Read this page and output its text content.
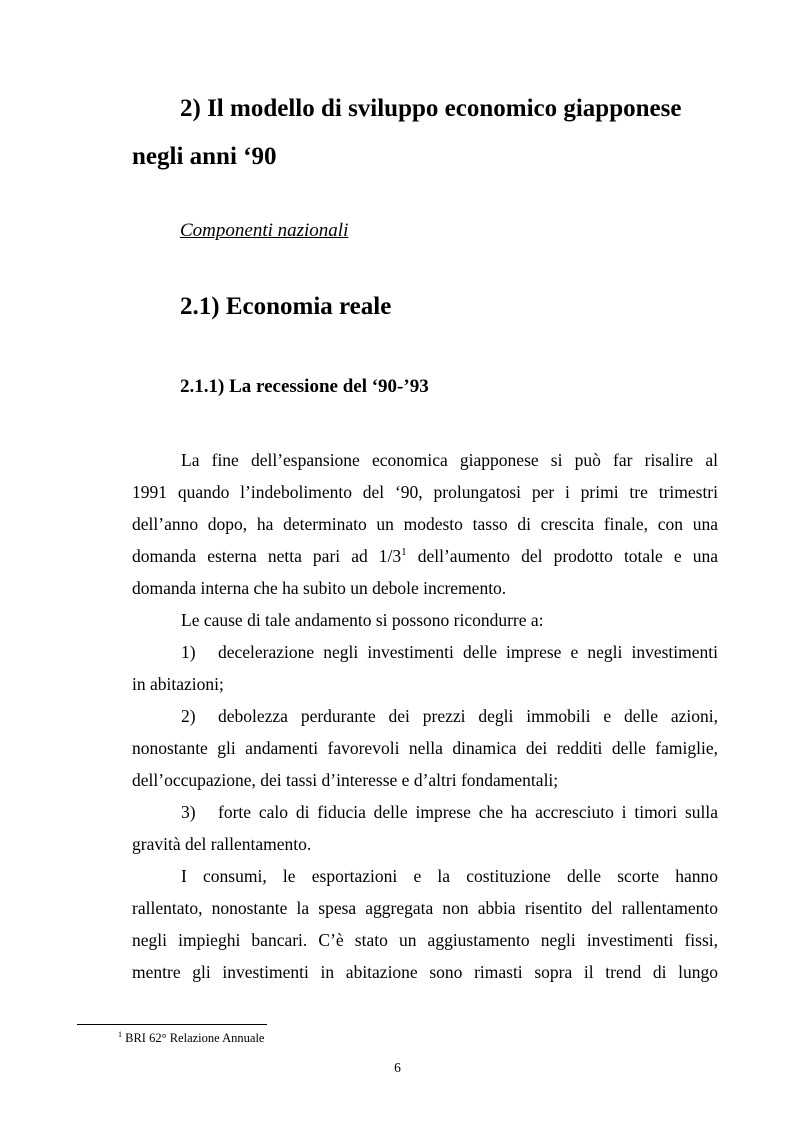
2) Il modello di sviluppo economico giapponese
negli anni ‘90
Componenti nazionali
2.1) Economia reale
2.1.1) La recessione del ‘90-’93
La fine dell’espansione economica giapponese si può far risalire al
1991 quando l’indebolimento del ‘90, prolungatosi per i primi tre trimestri
dell’anno dopo, ha determinato un modesto tasso di crescita finale, con una
domanda esterna netta pari ad $1/3^1$ dell’aumento del prodotto totale e una
domanda interna che ha subito un debole incremento.
Le cause di tale andamento si possono ricondurre a:
1) decelerazione negli investimenti delle imprese e negli investimenti
in abitazioni;
2) debolezza perdurante dei prezzi degli immobili e delle azioni,
nonostante gli andamenti favorevoli nella dinamica dei redditi delle famiglie,
dell’occupazione, dei tassi d’interesse e d’altri fondamentali;
3) forte calo di fiducia delle imprese che ha accresciuto i timori sulla
gravità del rallentamento.
I consumi, le esportazioni e la costituzione delle scorte hanno
rallentato, nonostante la spesa aggregata non abbia risentito del rallentamento
negli impieghi bancari. C’è stato un aggiustamento negli investimenti fissi,
mentre gli investimenti in abitazione sono rimasti sopra il trend di lungo
$^1$ BRI 62° Relazione Annuale
6
